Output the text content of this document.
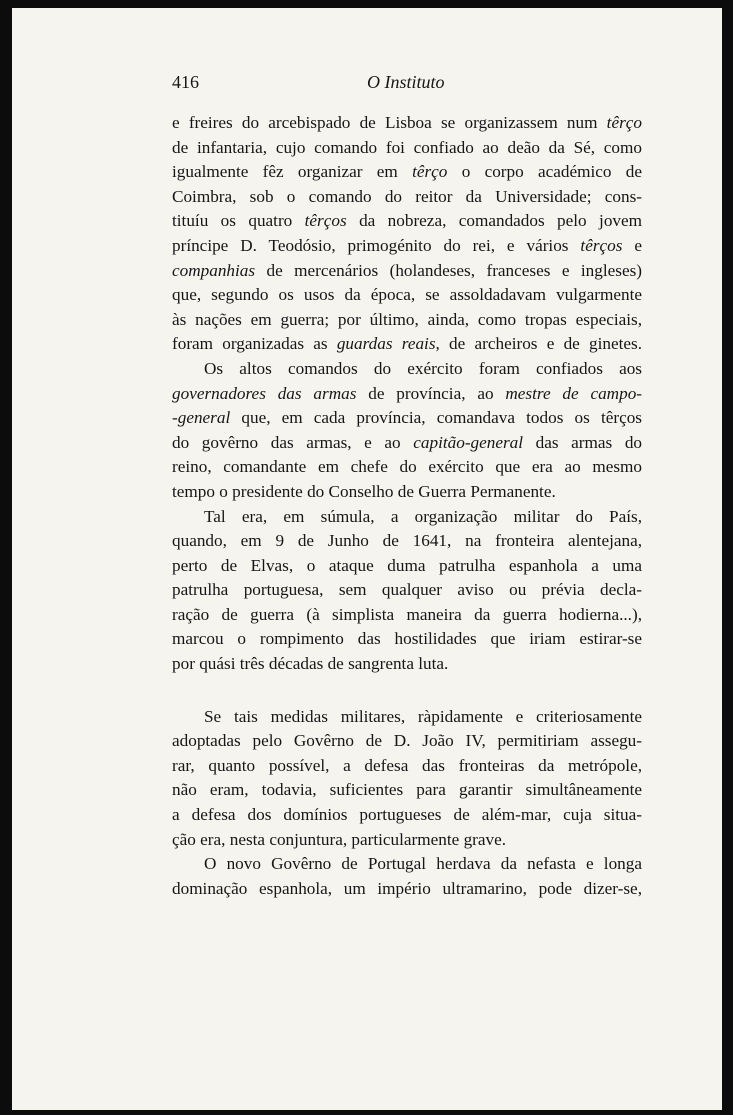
416	O Instituto
e freires do arcebispado de Lisboa se organizassem num têrço
de infantaria, cujo comando foi confiado ao deão da Sé, como
igualmente fêz organizar em têrço o corpo académico de
Coimbra, sob o comando do reitor da Universidade; cons-
tituíu os quatro têrços da nobreza, comandados pelo jovem
príncipe D. Teodósio, primogénito do rei, e vários têrços e
companhias de mercenários (holandeses, franceses e ingleses)
que, segundo os usos da época, se assoldadavam vulgarmente
às nações em guerra; por último, ainda, como tropas especiais,
foram organizadas as guardas reais, de archeiros e de ginetes.
Os altos comandos do exército foram confiados aos
governadores das armas de província, ao mestre de campo-
-general que, em cada província, comandava todos os têrços
do govêrno das armas, e ao capitão-general das armas do
reino, comandante em chefe do exército que era ao mesmo
tempo o presidente do Conselho de Guerra Permanente.
Tal era, em súmula, a organização militar do País,
quando, em 9 de Junho de 1641, na fronteira alentejana,
perto de Elvas, o ataque duma patrulha espanhola a uma
patrulha portuguesa, sem qualquer aviso ou prévia decla-
ração de guerra (à simplista maneira da guerra hodierna...),
marcou o rompimento das hostilidades que iriam estirar-se
por quási três décadas de sangrenta luta.
Se tais medidas militares, ràpidamente e criteriosamente
adoptadas pelo Govêrno de D. João IV, permitiriam assegu-
rar, quanto possível, a defesa das fronteiras da metrópole,
não eram, todavia, suficientes para garantir simultâneamente
a defesa dos domínios portugueses de além-mar, cuja situa-
ção era, nesta conjuntura, particularmente grave.
O novo Govêrno de Portugal herdava da nefasta e longa
dominação espanhola, um império ultramarino, pode dizer-se,
